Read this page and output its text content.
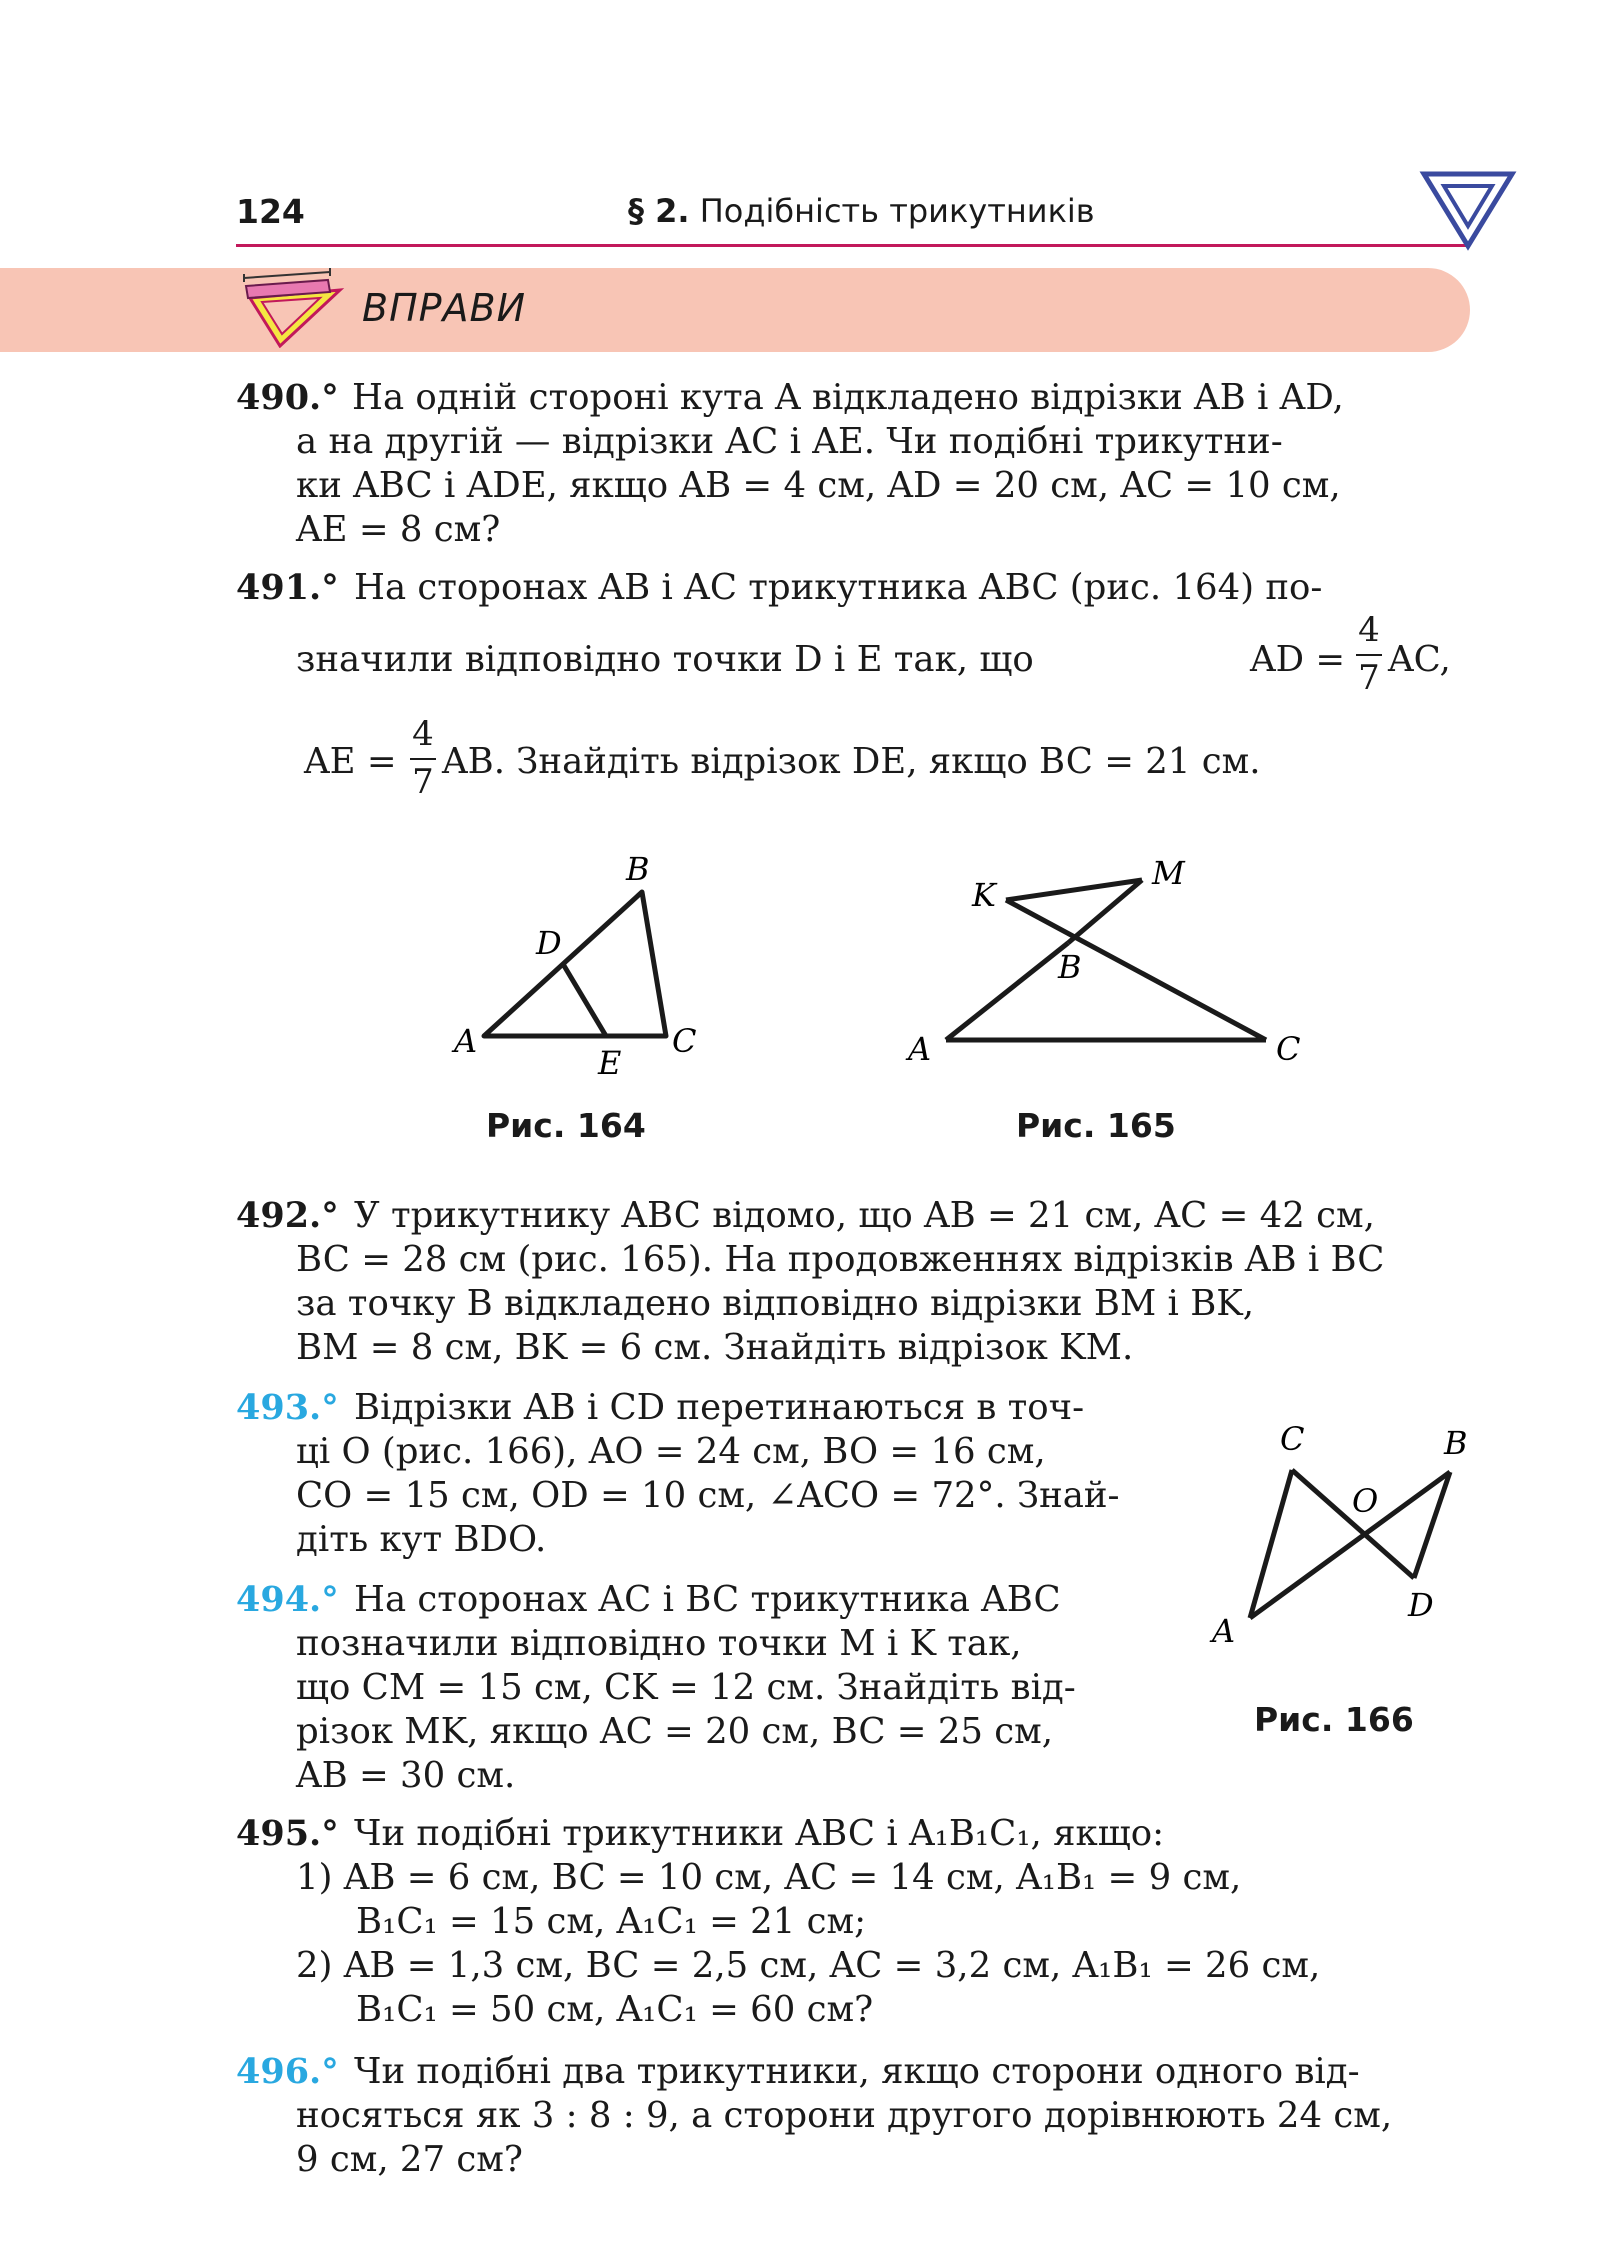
124	§ 2. Подібність трикутників
ВПРАВИ
490.° На одній стороні кута A відкладено відрізки AB і AD,
а на другій — відрізки AC і AE. Чи подібні трикутни-
ки ABC і ADE, якщо AB = 4 см, AD = 20 см, AC = 10 см,
AE = 8 см?
491.° На сторонах AB і AC трикутника ABC (рис. 164) по-
значили відповідно точки D і E так, що	AD =
4
7 AC,
AE =
4
7 AB. Знайдіть відрізок DE, якщо BC = 21 см.
A
B
C
D
E
Рис. 164
A
B
C
K
M
Рис. 165
492.° У трикутнику ABC відомо, що AB = 21 см, AC = 42 см,
BC = 28 см (рис. 165). На продовженнях відрізків AB і BC
за точку B відкладено відповідно відрізки BM і BK,
BM = 8 см, BK = 6 см. Знайдіть відрізок KM.
493.° Відрізки AB і CD перетинаються в точ-
ці O (рис. 166), AO = 24 см, BO = 16 см,
CO = 15 см, OD = 10 см, ∠ACO = 72°. Знай-
діть кут BDO.
A
B
C
D
O
Рис. 166
494.° На сторонах AC і BC трикутника ABC
позначили відповідно точки M і K так,
що CM = 15 см, CK = 12 см. Знайдіть від-
різок MK, якщо AC = 20 см, BC = 25 см,
AB = 30 см.
495.° Чи подібні трикутники ABC і A₁B₁C₁, якщо:
1) AB = 6 см, BC = 10 см, AC = 14 см, A₁B₁ = 9 см,
B₁C₁ = 15 см, A₁C₁ = 21 см;
2) AB = 1,3 см, BC = 2,5 см, AC = 3,2 см, A₁B₁ = 26 см,
B₁C₁ = 50 см, A₁C₁ = 60 см?
496.° Чи подібні два трикутники, якщо сторони одного від-
носяться як 3 : 8 : 9, а сторони другого дорівнюють 24 см,
9 см, 27 см?
